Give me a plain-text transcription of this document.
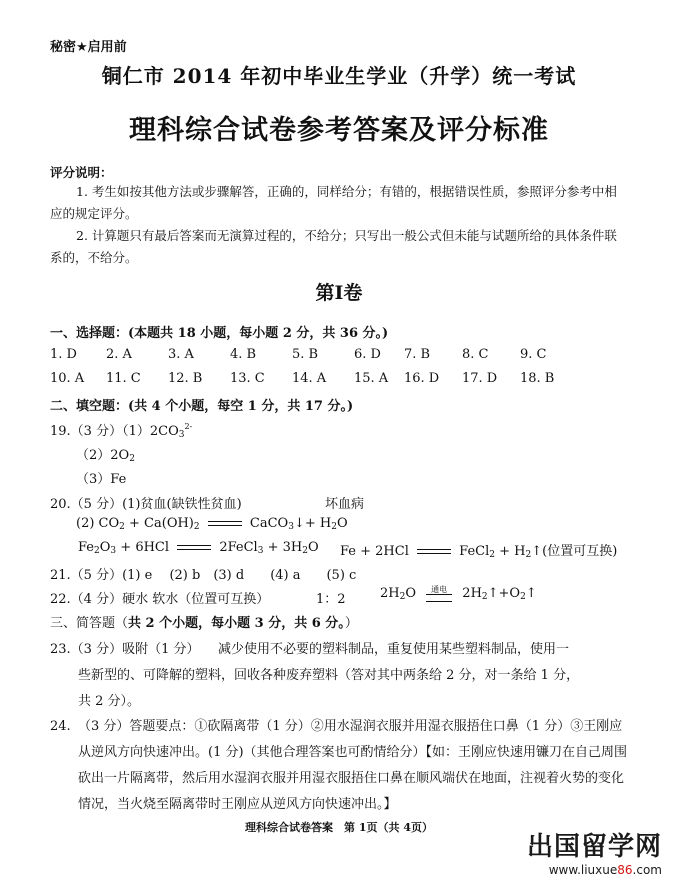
秘密★启用前
铜仁市 2014 年初中毕业生学业（升学）统一考试
理科综合试卷参考答案及评分标准
评分说明：
1. 考生如按其他方法或步骤解答，正确的，同样给分；有错的，根据错误性质，参照评分参考中相应的规定评分。
2. 计算题只有最后答案而无演算过程的，不给分；只写出一般公式但未能与试题所给的具体条件联系的，不给分。
第Ⅰ卷
一、选择题：(本题共 18 小题，每小题 2 分，共 36 分。)
1. D	2. A	3. A	4. B	5. B	6. D	7. B	8. C	9. C
10. A	11. C	12. B	13. C	14. A	15. A	16. D	17. D	18. B
二、填空题：(共 4 个小题，每空 1 分，共 17 分。)
19.（3 分）$(1)2CO_3^{2-}$
$(2)2O_2$
（3）Fe
20.（5 分）(1)贫血(缺铁性贫血)	坏血病
(2) $CO_2 + Ca(OH)_2$	CaCO$_3$↓+ $H_2O$
$Fe_2O_3 + 6HCl$	2FeCl$_3$ + $3H_2O$ Fe + 2HCl	FeCl$_2$ + $H_2↑$(位置可互换)
21.（5 分）(1) e　 (2) b　(3) d　　(4) a　　(5) c
22.（4 分）硬水 软水（位置可互换）	1：2	$2H_2O$	通电	$2H_2↑+O_2↑$
三、简答题（共 2 个小题，每小题 3 分，共 6 分。）
23.（3 分）吸附（1 分） 减少使用不必要的塑料制品，重复使用某些塑料制品，使用一
些新型的、可降解的塑料，回收各种废弃塑料（答对其中两条给 2 分，对一条给 1 分，
共 2 分）。
24. （3 分）答题要点：①砍隔离带（1 分）②用水湿润衣服并用湿衣服捂住口鼻（1 分）③王刚应从逆风方向快速冲出。(1 分)（其他合理答案也可酌情给分）【如：王刚应快速用镰刀在自己周围砍出一片隔离带，然后用水湿润衣服并用湿衣服捂住口鼻在顺风端伏在地面，注视着火势的变化情况，当火烧至隔离带时王刚应从逆风方向快速冲出。】
理科综合试卷答案　第 1页（共 4页）
出国留学网
www.liuxue86.com
